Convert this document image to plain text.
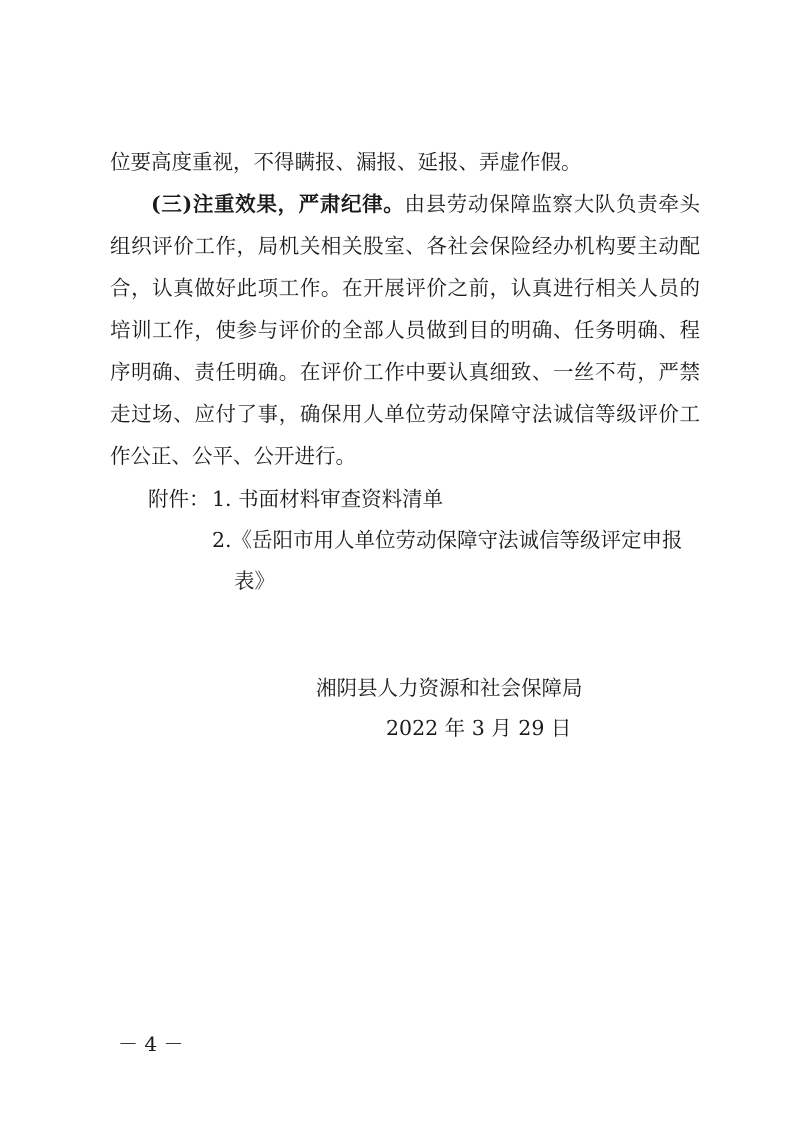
位要高度重视，不得瞒报、漏报、延报、弄虚作假。
(三)注重效果，严肃纪律。由县劳动保障监察大队负责牵头
组织评价工作，局机关相关股室、各社会保险经办机构要主动配
合，认真做好此项工作。在开展评价之前，认真进行相关人员的
培训工作，使参与评价的全部人员做到目的明确、任务明确、程
序明确、责任明确。在评价工作中要认真细致、一丝不苟，严禁
走过场、应付了事，确保用人单位劳动保障守法诚信等级评价工
作公正、公平、公开进行。
附件： 1. 书面材料审查资料清单
2.《岳阳市用人单位劳动保障守法诚信等级评定申报
表》
湘阴县人力资源和社会保障局
2022 年 3 月 29 日
－ 4 －
